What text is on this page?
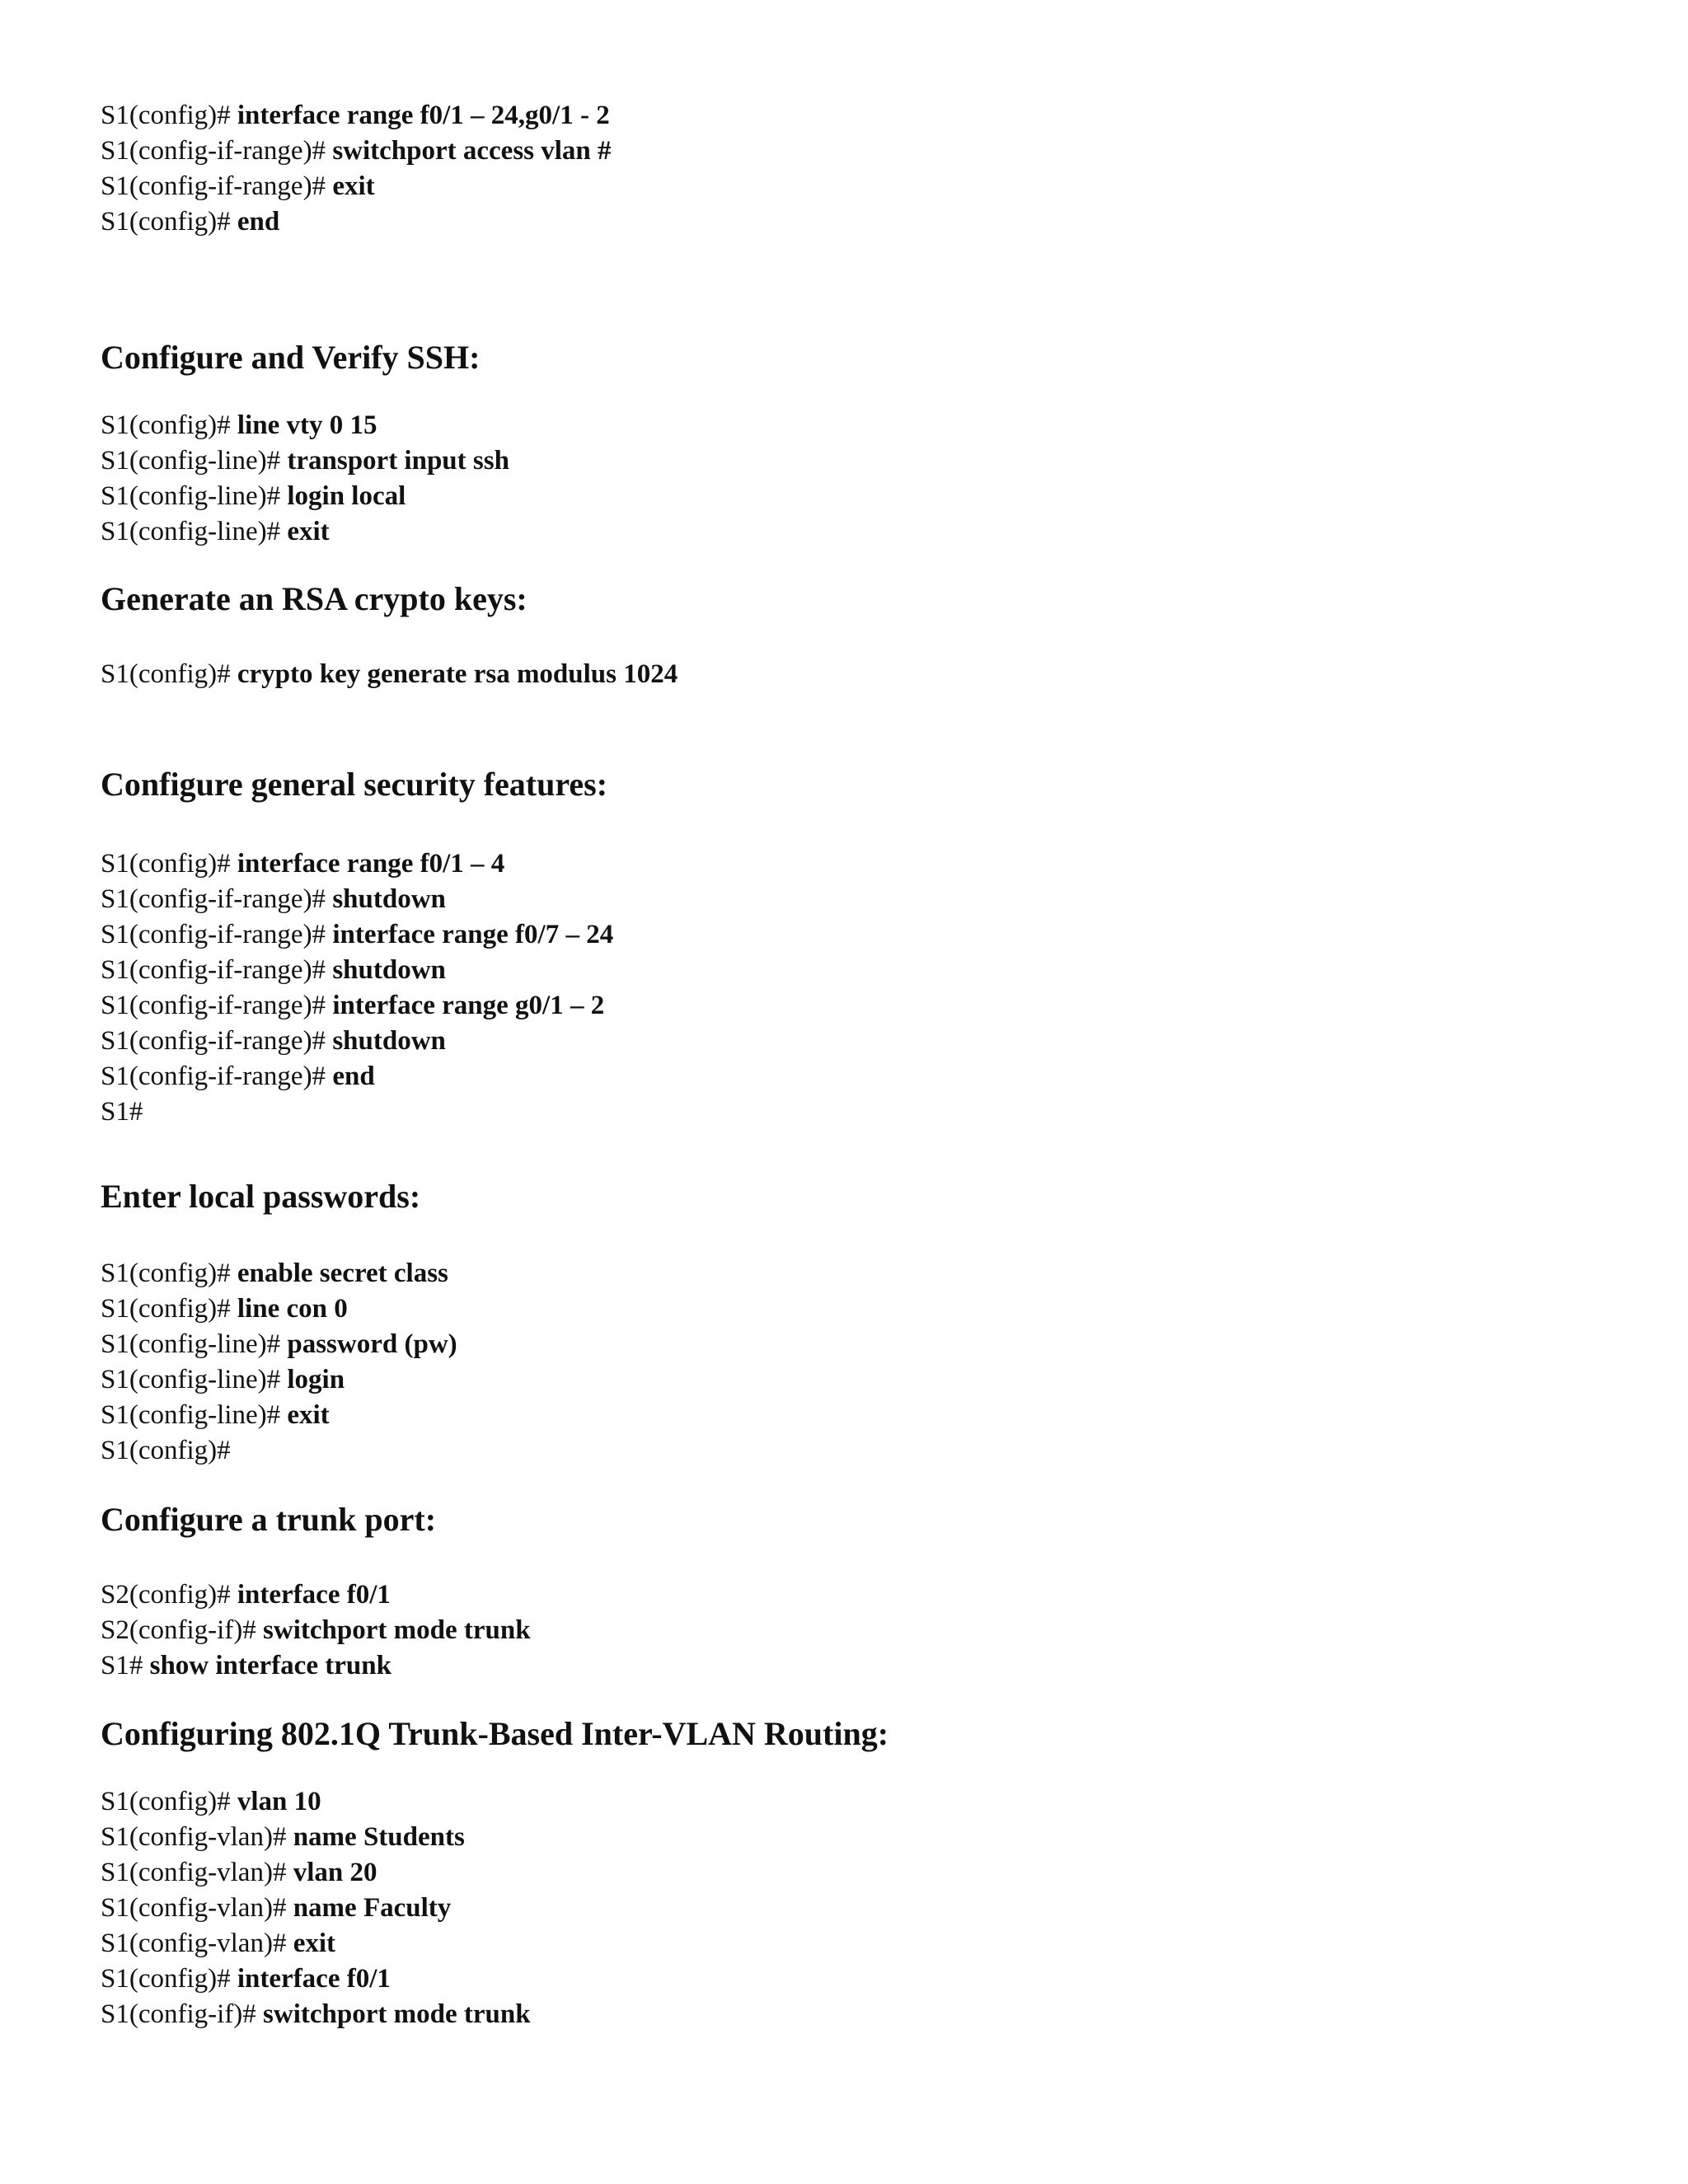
S1(config)# interface range f0/1 – 24,g0/1 - 2
S1(config-if-range)# switchport access vlan #
S1(config-if-range)# exit
S1(config)# end
Configure and Verify SSH:
S1(config)# line vty 0 15
S1(config-line)# transport input ssh
S1(config-line)# login local
S1(config-line)# exit
Generate an RSA crypto keys:
S1(config)# crypto key generate rsa modulus 1024
Configure general security features:
S1(config)# interface range f0/1 – 4
S1(config-if-range)# shutdown
S1(config-if-range)# interface range f0/7 – 24
S1(config-if-range)# shutdown
S1(config-if-range)# interface range g0/1 – 2
S1(config-if-range)# shutdown
S1(config-if-range)# end
S1#
Enter local passwords:
S1(config)# enable secret class
S1(config)# line con 0
S1(config-line)# password (pw)
S1(config-line)# login
S1(config-line)# exit
S1(config)#
Configure a trunk port:
S2(config)# interface f0/1
S2(config-if)# switchport mode trunk
S1# show interface trunk
Configuring 802.1Q Trunk-Based Inter-VLAN Routing:
S1(config)# vlan 10
S1(config-vlan)# name Students
S1(config-vlan)# vlan 20
S1(config-vlan)# name Faculty
S1(config-vlan)# exit
S1(config)# interface f0/1
S1(config-if)# switchport mode trunk
